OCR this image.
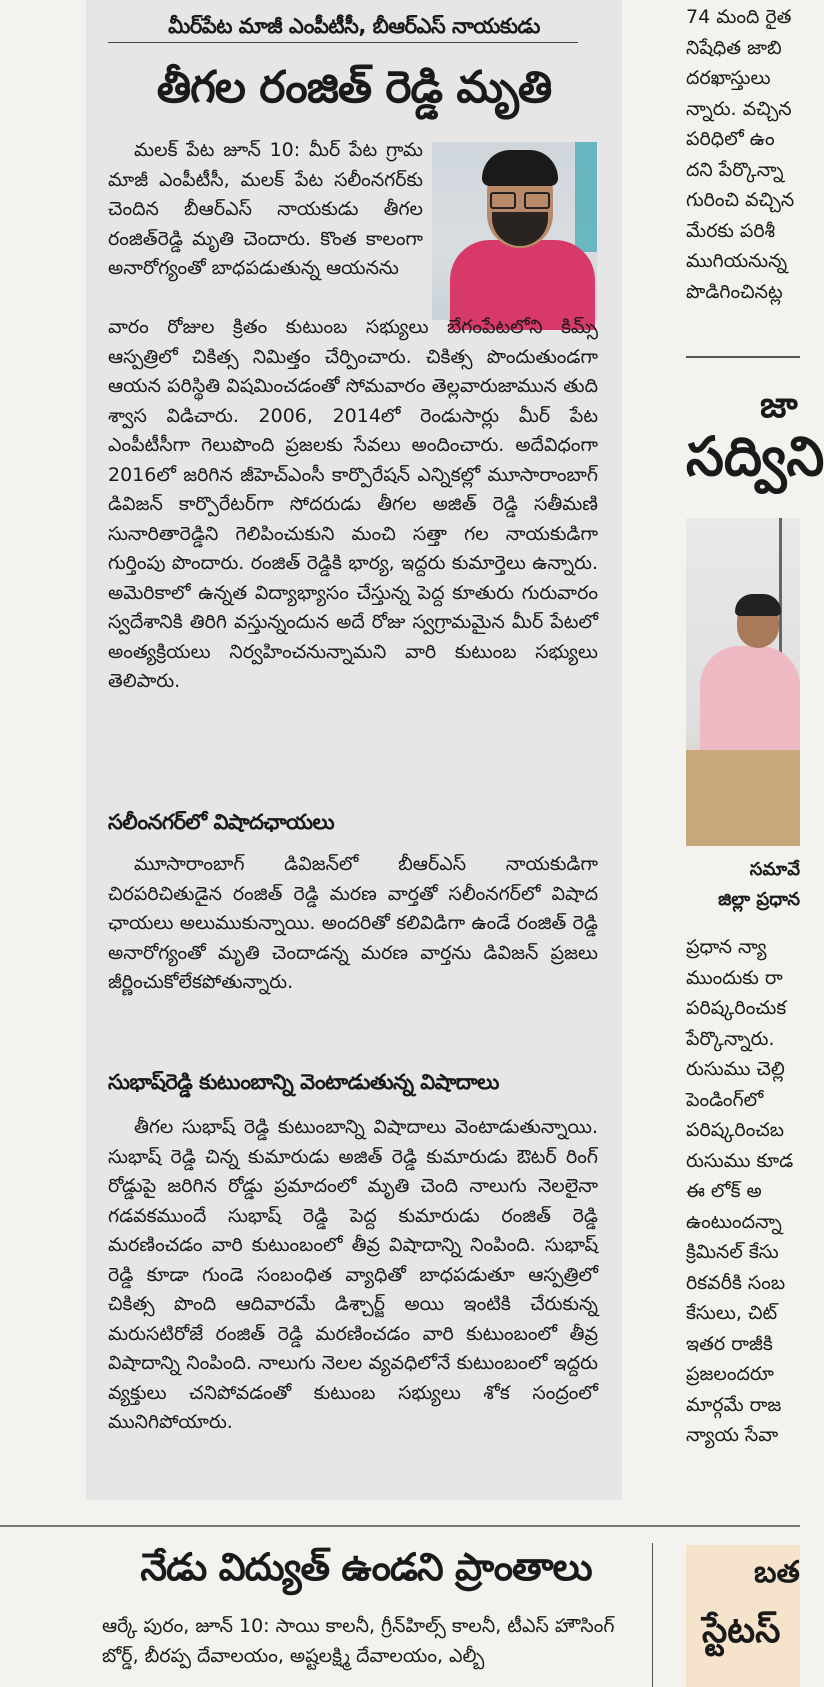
మీర్‌పేట మాజీ ఎంపీటీసీ, బీఆర్‌ఎస్ నాయకుడు
తీగల రంజిత్ రెడ్డి మృతి
మలక్ పేట జూన్ 10: మీర్ పేట గ్రామ మాజీ ఎంపీటీసీ, మలక్ పేట సలీంనగర్‌కు చెందిన బీఆర్ఎస్ నాయకుడు తీగల రంజిత్‌రెడ్డి మృతి చెందారు. కొంత కాలంగా అనారోగ్యంతో బాధపడుతున్న ఆయనను
వారం రోజుల క్రితం కుటుంబ సభ్యులు బేగంపేటలోని కిమ్స్ ఆస్పత్రిలో చికిత్స నిమిత్తం చేర్పించారు. చికిత్స పొందుతుండగా ఆయన పరిస్థితి విషమించడంతో సోమవారం తెల్లవారుజామున తుది శ్వాస విడిచారు. 2006, 2014లో రెండుసార్లు మీర్ పేట ఎంపీటీసీగా గెలుపొంది ప్రజలకు సేవలు అందించారు. అదేవిధంగా 2016లో జరిగిన జీహెచ్ఎంసీ కార్పొరేషన్ ఎన్నికల్లో మూసారాంబాగ్ డివిజన్ కార్పొరేటర్‌గా సోదరుడు తీగల అజిత్ రెడ్డి సతీమణి సునారితారెడ్డిని గెలిపించుకుని మంచి సత్తా గల నాయకుడిగా గుర్తింపు పొందారు. రంజిత్ రెడ్డికి భార్య, ఇద్దరు కుమార్తెలు ఉన్నారు. అమెరికాలో ఉన్నత విద్యాభ్యాసం చేస్తున్న పెద్ద కూతురు గురువారం స్వదేశానికి తిరిగి వస్తున్నందున అదే రోజు స్వగ్రామమైన మీర్ పేటలో అంత్యక్రియలు నిర్వహించనున్నామని వారి కుటుంబ సభ్యులు తెలిపారు.
సలీంనగర్‌లో విషాదఛాయలు
మూసారాంబాగ్ డివిజన్‌లో బీఆర్ఎస్ నాయకుడిగా చిరపరిచితుడైన రంజిత్ రెడ్డి మరణ వార్తతో సలీంనగర్‌లో విషాద ఛాయలు అలుముకున్నాయి. అందరితో కలివిడిగా ఉండే రంజిత్ రెడ్డి అనారోగ్యంతో మృతి చెందాడన్న మరణ వార్తను డివిజన్ ప్రజలు జీర్ణించుకోలేకపోతున్నారు.
సుభాష్‌రెడ్డి కుటుంబాన్ని వెంటాడుతున్న విషాదాలు
తీగల సుభాష్ రెడ్డి కుటుంబాన్ని విషాదాలు వెంటాడుతున్నాయి. సుభాష్ రెడ్డి చిన్న కుమారుడు అజిత్ రెడ్డి కుమారుడు ఔటర్ రింగ్ రోడ్డుపై జరిగిన రోడ్డు ప్రమాదంలో మృతి చెంది నాలుగు నెలలైనా గడవకముందే సుభాష్ రెడ్డి పెద్ద కుమారుడు రంజిత్ రెడ్డి మరణించడం వారి కుటుంబంలో తీవ్ర విషాదాన్ని నింపింది. సుభాష్ రెడ్డి కూడా గుండె సంబంధిత వ్యాధితో బాధపడుతూ ఆస్పత్రిలో చికిత్స పొంది ఆదివారమే డిశ్చార్జ్ అయి ఇంటికి చేరుకున్న మరుసటిరోజే రంజిత్ రెడ్డి మరణించడం వారి కుటుంబంలో తీవ్ర విషాదాన్ని నింపింది. నాలుగు నెలల వ్యవధిలోనే కుటుంబంలో ఇద్దరు వ్యక్తులు చనిపోవడంతో కుటుంబ సభ్యులు శోక సంద్రంలో మునిగిపోయారు.
నేడు విద్యుత్ ఉండని ప్రాంతాలు
ఆర్కే పురం, జూన్ 10: సాయి కాలనీ, గ్రీన్‌హిల్స్ కాలనీ, టీఎస్ హౌసింగ్ బోర్డ్, బీరప్ప దేవాలయం, అష్టలక్ష్మి దేవాలయం, ఎల్బీ
74 మంది రైత
నిషేధిత జాబి
దరఖాస్తులు
న్నారు. వచ్చిన
పరిధిలో ఉం
దని పేర్కొన్నా
గురించి వచ్చిన
మేరకు పరిశీ
ముగియనున్న
పొడిగించినట్ల
సద్విని
సమావే
జిల్లా ప్రధాన
ప్రధాన న్యా
ముందుకు రా
పరిష్కరించుక
పేర్కొన్నారు.
రుసుము చెల్లి
పెండింగ్‌లో
పరిష్కరించబ
రుసుము కూడ
ఈ లోక్ అ
ఉంటుందన్నా
క్రిమినల్ కేసు
రికవరీకి సంబ
కేసులు, చిట్
ఇతర రాజీకి
ప్రజలందరూ
మార్గమే రాజ
న్యాయ సేవా
జా
బత
స్టేటస్
